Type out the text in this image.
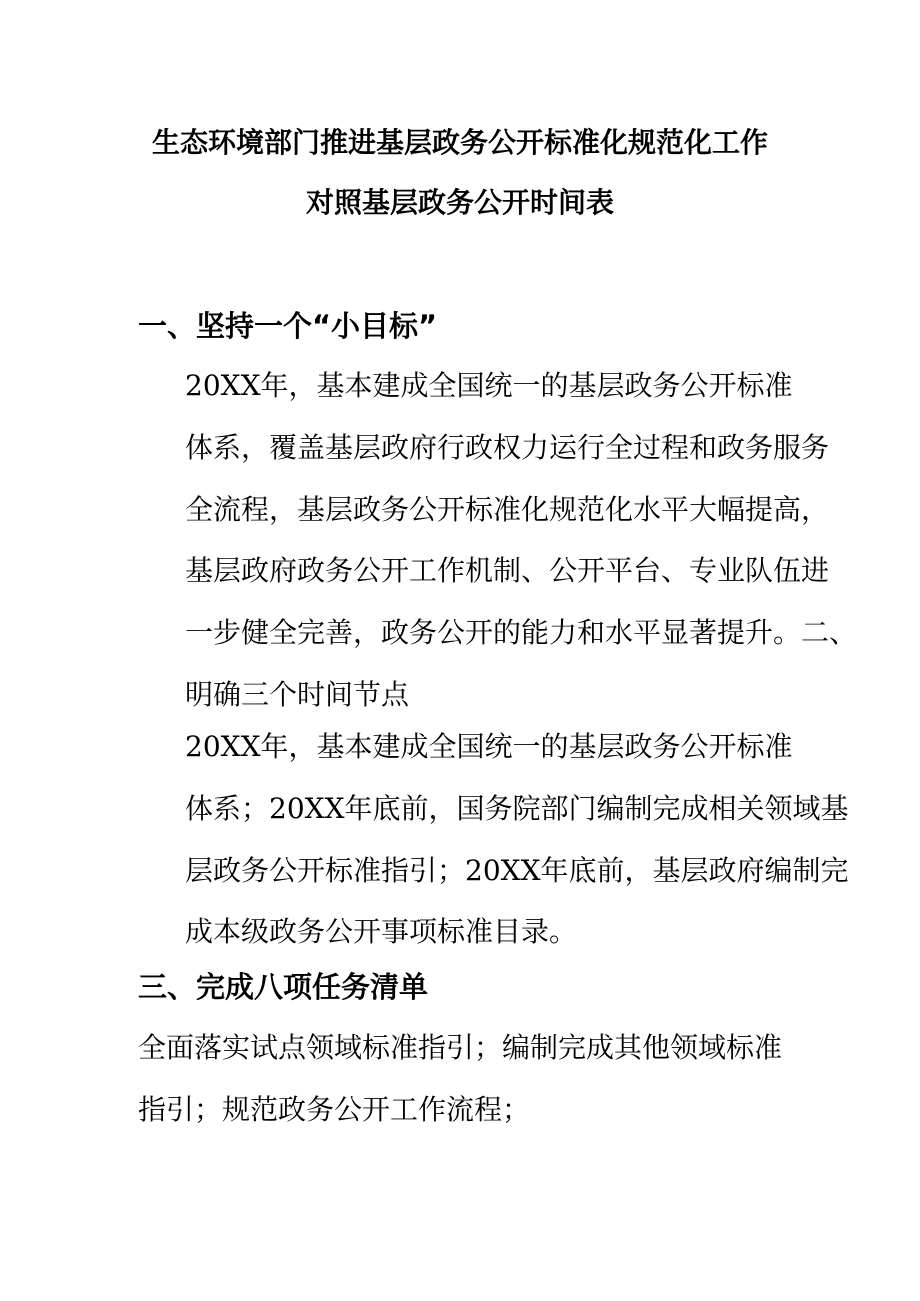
生态环境部门推进基层政务公开标准化规范化工作
对照基层政务公开时间表
一、坚持一个“小目标”
20XX年，基本建成全国统一的基层政务公开标准
体系，覆盖基层政府行政权力运行全过程和政务服务
全流程，基层政务公开标准化规范化水平大幅提高，
基层政府政务公开工作机制、公开平台、专业队伍进
一步健全完善，政务公开的能力和水平显著提升。二、
明确三个时间节点
20XX年，基本建成全国统一的基层政务公开标准
体系；20XX年底前，国务院部门编制完成相关领域基
层政务公开标准指引；20XX年底前，基层政府编制完
成本级政务公开事项标准目录。
三、完成八项任务清单
全面落实试点领域标准指引；编制完成其他领域标准
指引；规范政务公开工作流程；
